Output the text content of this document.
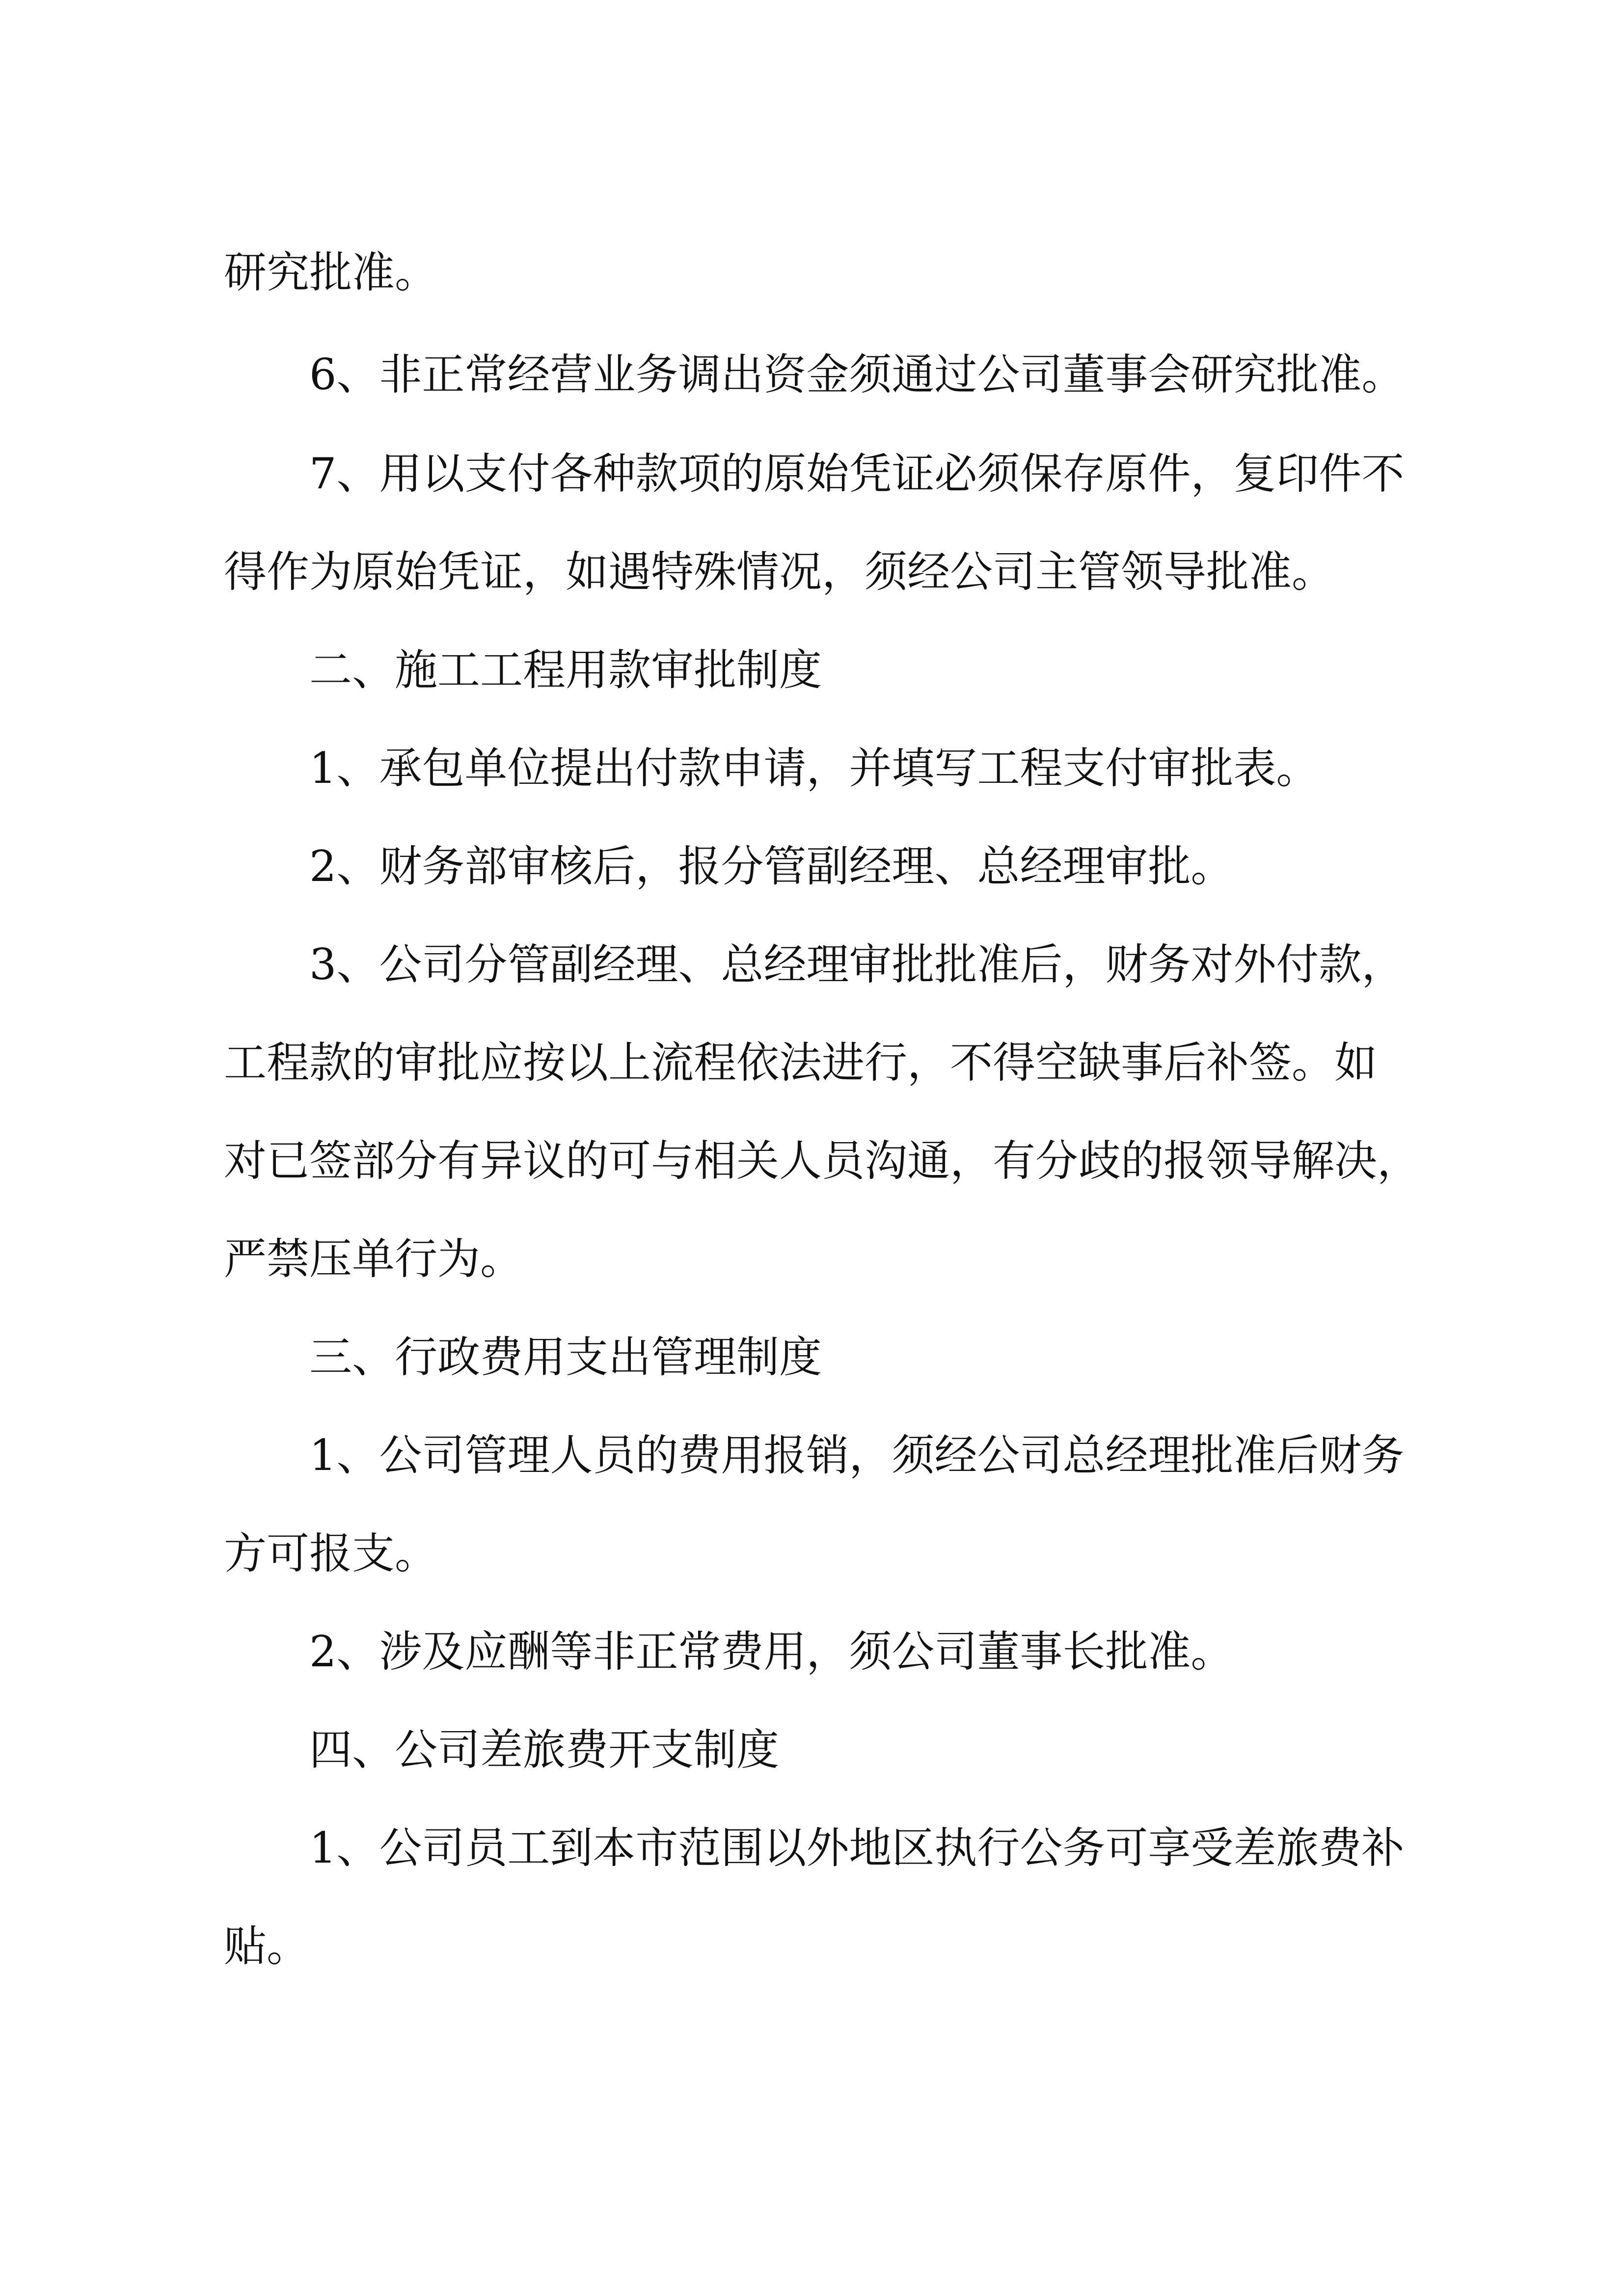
研究批准。

6、非正常经营业务调出资金须通过公司董事会研究批准。

7、用以支付各种款项的原始凭证必须保存原件，复印件不

得作为原始凭证，如遇特殊情况，须经公司主管领导批准。

二、施工工程用款审批制度

1、承包单位提出付款申请，并填写工程支付审批表。

2、财务部审核后，报分管副经理、总经理审批。

3、公司分管副经理、总经理审批批准后，财务对外付款，

工程款的审批应按以上流程依法进行，不得空缺事后补签。如

对已签部分有异议的可与相关人员沟通，有分歧的报领导解决，

严禁压单行为。

三、行政费用支出管理制度

1、公司管理人员的费用报销，须经公司总经理批准后财务

方可报支。

2、涉及应酬等非正常费用，须公司董事长批准。

四、公司差旅费开支制度

1、公司员工到本市范围以外地区执行公务可享受差旅费补

贴。
